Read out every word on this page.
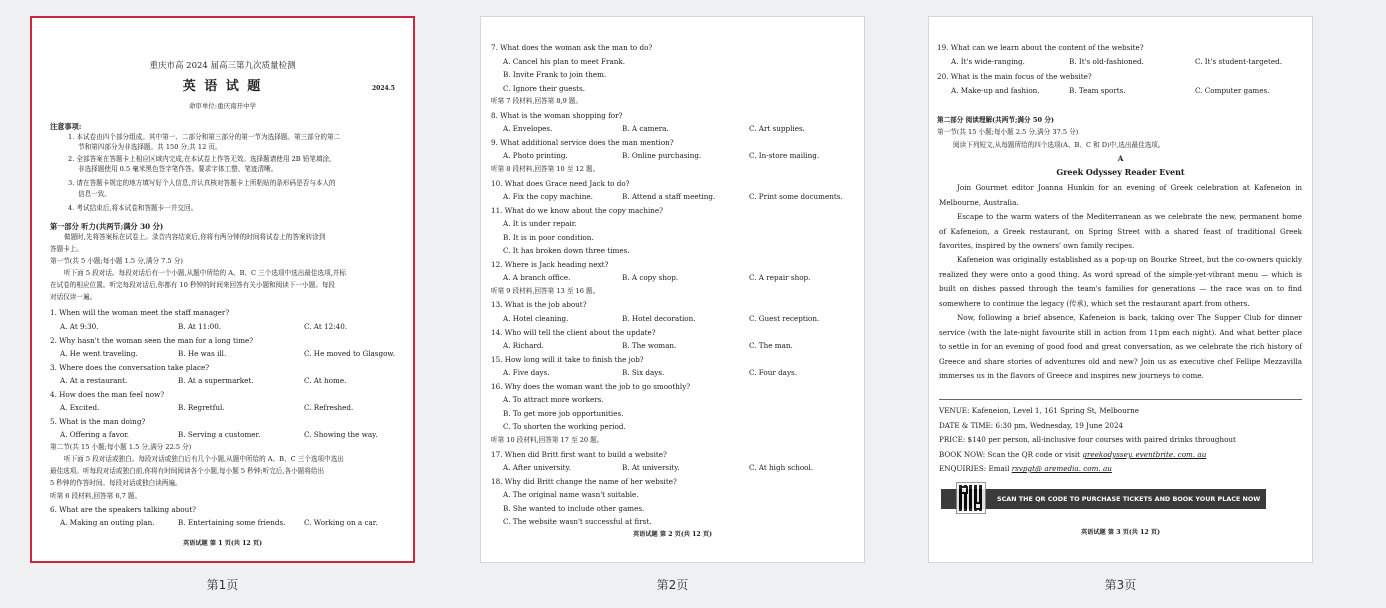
重庆市高 2024 届高三第九次质量检测
英 语 试 题	2024.5
命审单位:重庆南开中学
注意事项:
1. 本试卷由四个部分组成。其中第一、二部分和第三部分的第一节为选择题。第三部分的第二
节和第四部分为非选择题。共 150 分,共 12 页。
2. 全部答案在答题卡上相应区域内完成,在本试卷上作答无效。选择题请使用 2B 铅笔填涂,
非选择题使用 0.5 毫米黑色签字笔作答。要求字体工整、笔迹清晰。
3. 请在答题卡规定的地方填写好个人信息,并认真核对答题卡上所粘贴的条形码是否与本人的
信息一致。
4. 考试结束后,将本试卷和答题卡一并交回。
第一部分 听力(共两节;满分 30 分)
做题时,先将答案标在试卷上。录音内容结束后,你将有两分钟的时间将试卷上的答案转涂到
答题卡上。
第一节(共 5 小题;每小题 1.5 分,满分 7.5 分)
听下面 5 段对话。每段对话后有一个小题,从题中所给的 A、B、C 三个选项中选出最佳选项,并标
在试卷的相应位置。听完每段对话后,你都有 10 秒钟的时间来回答有关小题和阅读下一小题。每段
对话仅读一遍。
1. When will the woman meet the staff manager?
A. At 9:30.	B. At 11:00.	C. At 12:40.
2. Why hasn't the woman seen the man for a long time?
A. He went traveling.	B. He was ill.	C. He moved to Glasgow.
3. Where does the conversation take place?
A. At a restaurant.	B. At a supermarket.	C. At home.
4. How does the man feel now?
A. Excited.	B. Regretful.	C. Refreshed.
5. What is the man doing?
A. Offering a favor.	B. Serving a customer.	C. Showing the way.
第二节(共 15 小题;每小题 1.5 分,满分 22.5 分)
听下面 5 段对话或独白。每段对话或独白后有几个小题,从题中所给的 A、B、C 三个选项中选出
最佳选项。听每段对话或独白前,你将有时间阅读各个小题,每小题 5 秒钟;听完后,各小题将给出
5 秒钟的作答时间。每段对话或独白读两遍。
听第 6 段材料,回答第 6,7 题。
6. What are the speakers talking about?
A. Making an outing plan.	B. Entertaining some friends.	C. Working on a car.
英语试题 第 1 页(共 12 页)
第1页
7. What does the woman ask the man to do?
A. Cancel his plan to meet Frank.
B. Invite Frank to join them.
C. Ignore their guests.
听第 7 段材料,回答第 8,9 题。
8. What is the woman shopping for?
A. Envelopes.	B. A camera.	C. Art supplies.
9. What additional service does the man mention?
A. Photo printing.	B. Online purchasing.	C. In-store mailing.
听第 8 段材料,回答第 10 至 12 题。
10. What does Grace need Jack to do?
A. Fix the copy machine.	B. Attend a staff meeting.	C. Print some documents.
11. What do we know about the copy machine?
A. It is under repair.
B. It is in poor condition.
C. It has broken down three times.
12. Where is Jack heading next?
A. A branch office.	B. A copy shop.	C. A repair shop.
听第 9 段材料,回答第 13 至 16 题。
13. What is the job about?
A. Hotel cleaning.	B. Hotel decoration.	C. Guest reception.
14. Who will tell the client about the update?
A. Richard.	B. The woman.	C. The man.
15. How long will it take to finish the job?
A. Five days.	B. Six days.	C. Four days.
16. Why does the woman want the job to go smoothly?
A. To attract more workers.
B. To get more job opportunities.
C. To shorten the working period.
听第 10 段材料,回答第 17 至 20 题。
17. When did Britt first want to build a website?
A. After university.	B. At university.	C. At high school.
18. Why did Britt change the name of her website?
A. The original name wasn't suitable.
B. She wanted to include other games.
C. The website wasn't successful at first.
英语试题 第 2 页(共 12 页)
第2页
19. What can we learn about the content of the website?
A. It's wide-ranging.	B. It's old-fashioned.	C. It's student-targeted.
20. What is the main focus of the website?
A. Make-up and fashion.	B. Team sports.	C. Computer games.
第二部分 阅读理解(共两节;满分 50 分)
第一节(共 15 小题;每小题 2.5 分,满分 37.5 分)
阅读下列短文,从每题所给的四个选项(A、B、C 和 D)中,选出最佳选项。
A
Greek Odyssey Reader Event
Join Gourmet editor Joanna Hunkin for an evening of Greek celebration at Kafeneion in Melbourne, Australia.
Escape to the warm waters of the Mediterranean as we celebrate the new, permanent home of Kafeneion, a Greek restaurant, on Spring Street with a shared feast of traditional Greek favorites, inspired by the owners' own family recipes.
Kafeneion was originally established as a pop-up on Bourke Street, but the co-owners quickly realized they were onto a good thing. As word spread of the simple-yet-vibrant menu — which is built on dishes passed through the team's families for generations — the race was on to find somewhere to continue the legacy (传承), which set the restaurant apart from others.
Now, following a brief absence, Kafeneion is back, taking over The Supper Club for dinner service (with the late-night favourite still in action from 11pm each night). And what better place to settle in for an evening of good food and great conversation, as we celebrate the rich history of Greece and share stories of adventures old and new? Join us as executive chef Fellipe Mezzavilla immerses us in the flavors of Greece and inspires new journeys to come.
VENUE: Kafeneion, Level 1, 161 Spring St, Melbourne
DATE & TIME: 6:30 pm, Wednesday, 19 June 2024
PRICE: $140 per person, all-inclusive four courses with paired drinks throughout
BOOK NOW: Scan the QR code or visit greekodyssey. eventbrite. com. au
ENQUIRIES: Email rsvpgt@ aremedia. com. au
SCAN THE QR CODE TO PURCHASE TICKETS AND BOOK YOUR PLACE NOW
英语试题 第 3 页(共 12 页)
第3页
